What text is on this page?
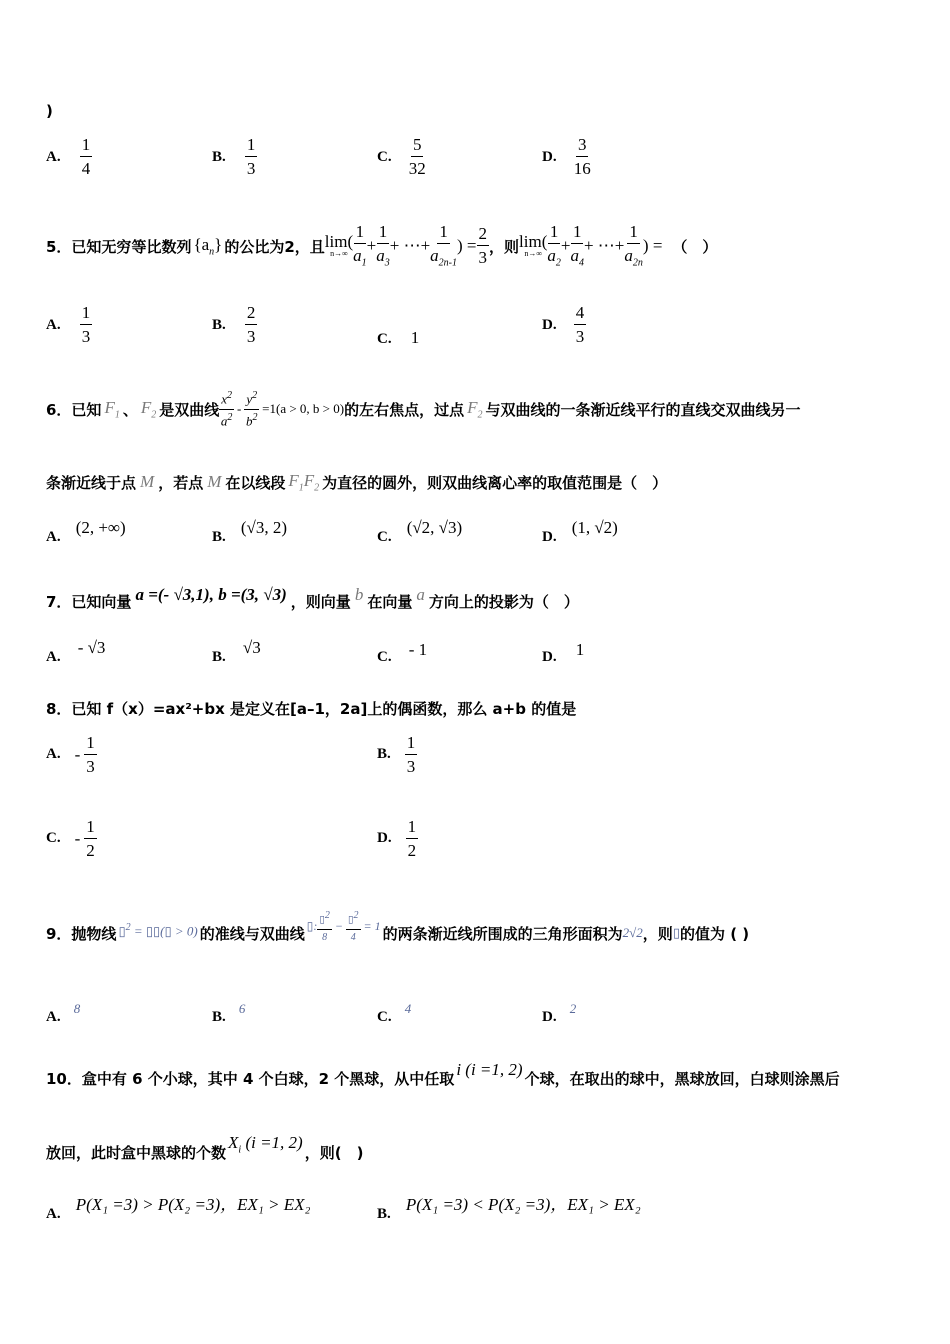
)
A. $\frac{1}{4}$	B. $\frac{1}{3}$	C. $\frac{5}{32}$	D. $\frac{3}{16}$
5．已知无穷等比数列 $\{a_n\}$ 的公比为2，且 lim(
$n\to\infty \frac{1}{a_1} + \frac{1}{a_3}$ + ⋯+ $\frac{1}{a_{2n-1}}$ ) = $\frac{2}{3}$ ，则 lim(
$n\to\infty \frac{1}{a_2} + \frac{1}{a_4}$ + ⋯+ $\frac{1}{a_{2n}}$ ) = （　）
A. $\frac{1}{3}$	B. $\frac{2}{3}$	C. 1
D. $\frac{4}{3}$
6．已知 $F_1$ 、 $F_2$ 是双曲线 $\frac{x^2}{a^2} - \frac{y^2}{b^2} =1(a > 0$, b > 0) 的左右焦点，过点 $F_2$ 与双曲线的一条渐近线平行的直线交双曲线另一
条渐近线于点 M ，若点 M 在以线段 $F_1F_2$ 为直径的圆外，则双曲线离心率的取值范围是（　）
A. (2, +∞)	B. (√3, 2)	C. (√2, √3)	D. (1, √2)
7．已知向量 a =(- √3,1), b =(3, √3) ，则向量 b 在向量 a 方向上的投影为（　）
A. - √3	B. √3	C. - 1	D. 1
8．已知 f（x）=ax²+bx 是定义在[a–1，2a]上的偶函数，那么 a+b 的值是
A. - $\frac{1}{3}$	B. $\frac{1}{3}$
C. - $\frac{1}{2}$	D. $\frac{1}{2}$
9．抛物线 ▯$^2$ = ▯▯(▯ > 0) 的准线与双曲线 ▯: $\frac{▯2}{8} - \frac{▯2}{4} = 1$ 的两条渐近线所围成的三角形面积为 2√2 ，则 ▯ 的值为 ( )
A. $^8$
B. $^6$
C. $^4$
D. $^2$
10．盒中有 6 个小球，其中 4 个白球，2 个黑球，从中任取 i (i =1, 2) 个球，在取出的球中，黑球放回，白球则涂黑后
放回，此时盒中黑球的个数
$X_i$ (i =1, 2)
，则(　)
A. P(X₁ =3) > P(X₂ =3)，EX₁ > EX₂	B. P(X₁ =3) < P(X₂ =3)，EX₁ > EX₂
